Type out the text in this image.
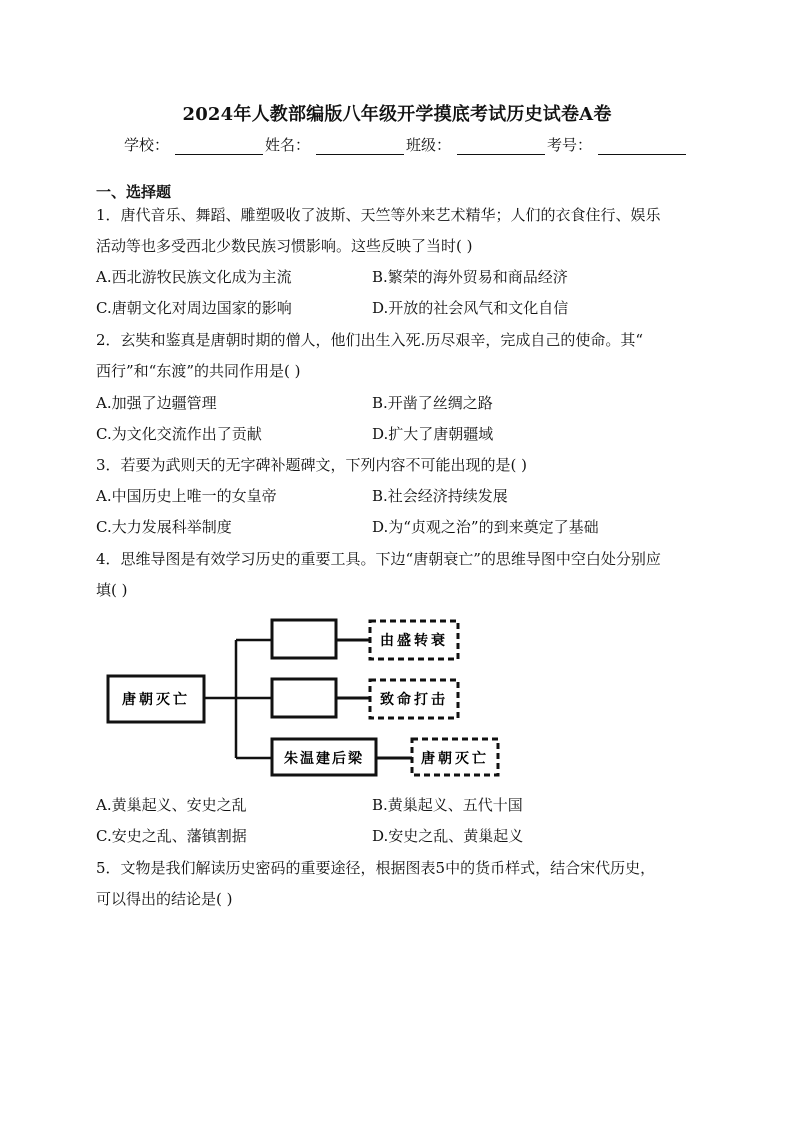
2024年人教部编版八年级开学摸底考试历史试卷A卷
学校：	姓名：	班级：	考号：
一、选择题
1．唐代音乐、舞蹈、雕塑吸收了波斯、天竺等外来艺术精华；人们的衣食住行、娱乐
活动等也多受西北少数民族习惯影响。这些反映了当时( )
A.西北游牧民族文化成为主流	B.繁荣的海外贸易和商品经济
C.唐朝文化对周边国家的影响	D.开放的社会风气和文化自信
2．玄奘和鉴真是唐朝时期的僧人，他们出生入死.历尽艰辛，完成自己的使命。其“
西行”和“东渡”的共同作用是( )
A.加强了边疆管理	B.开凿了丝绸之路
C.为文化交流作出了贡献	D.扩大了唐朝疆域
3．若要为武则天的无字碑补题碑文，下列内容不可能出现的是( )
A.中国历史上唯一的女皇帝	B.社会经济持续发展
C.大力发展科举制度	D.为“贞观之治”的到来奠定了基础
4．思维导图是有效学习历史的重要工具。下边“唐朝衰亡”的思维导图中空白处分别应
填( )
唐朝灭亡
朱温建后梁
由盛转衰
致命打击
唐朝灭亡
A.黄巢起义、安史之乱	B.黄巢起义、五代十国
C.安史之乱、藩镇割据	D.安史之乱、黄巢起义
5．文物是我们解读历史密码的重要途径，根据图表5中的货币样式，结合宋代历史，
可以得出的结论是( )
